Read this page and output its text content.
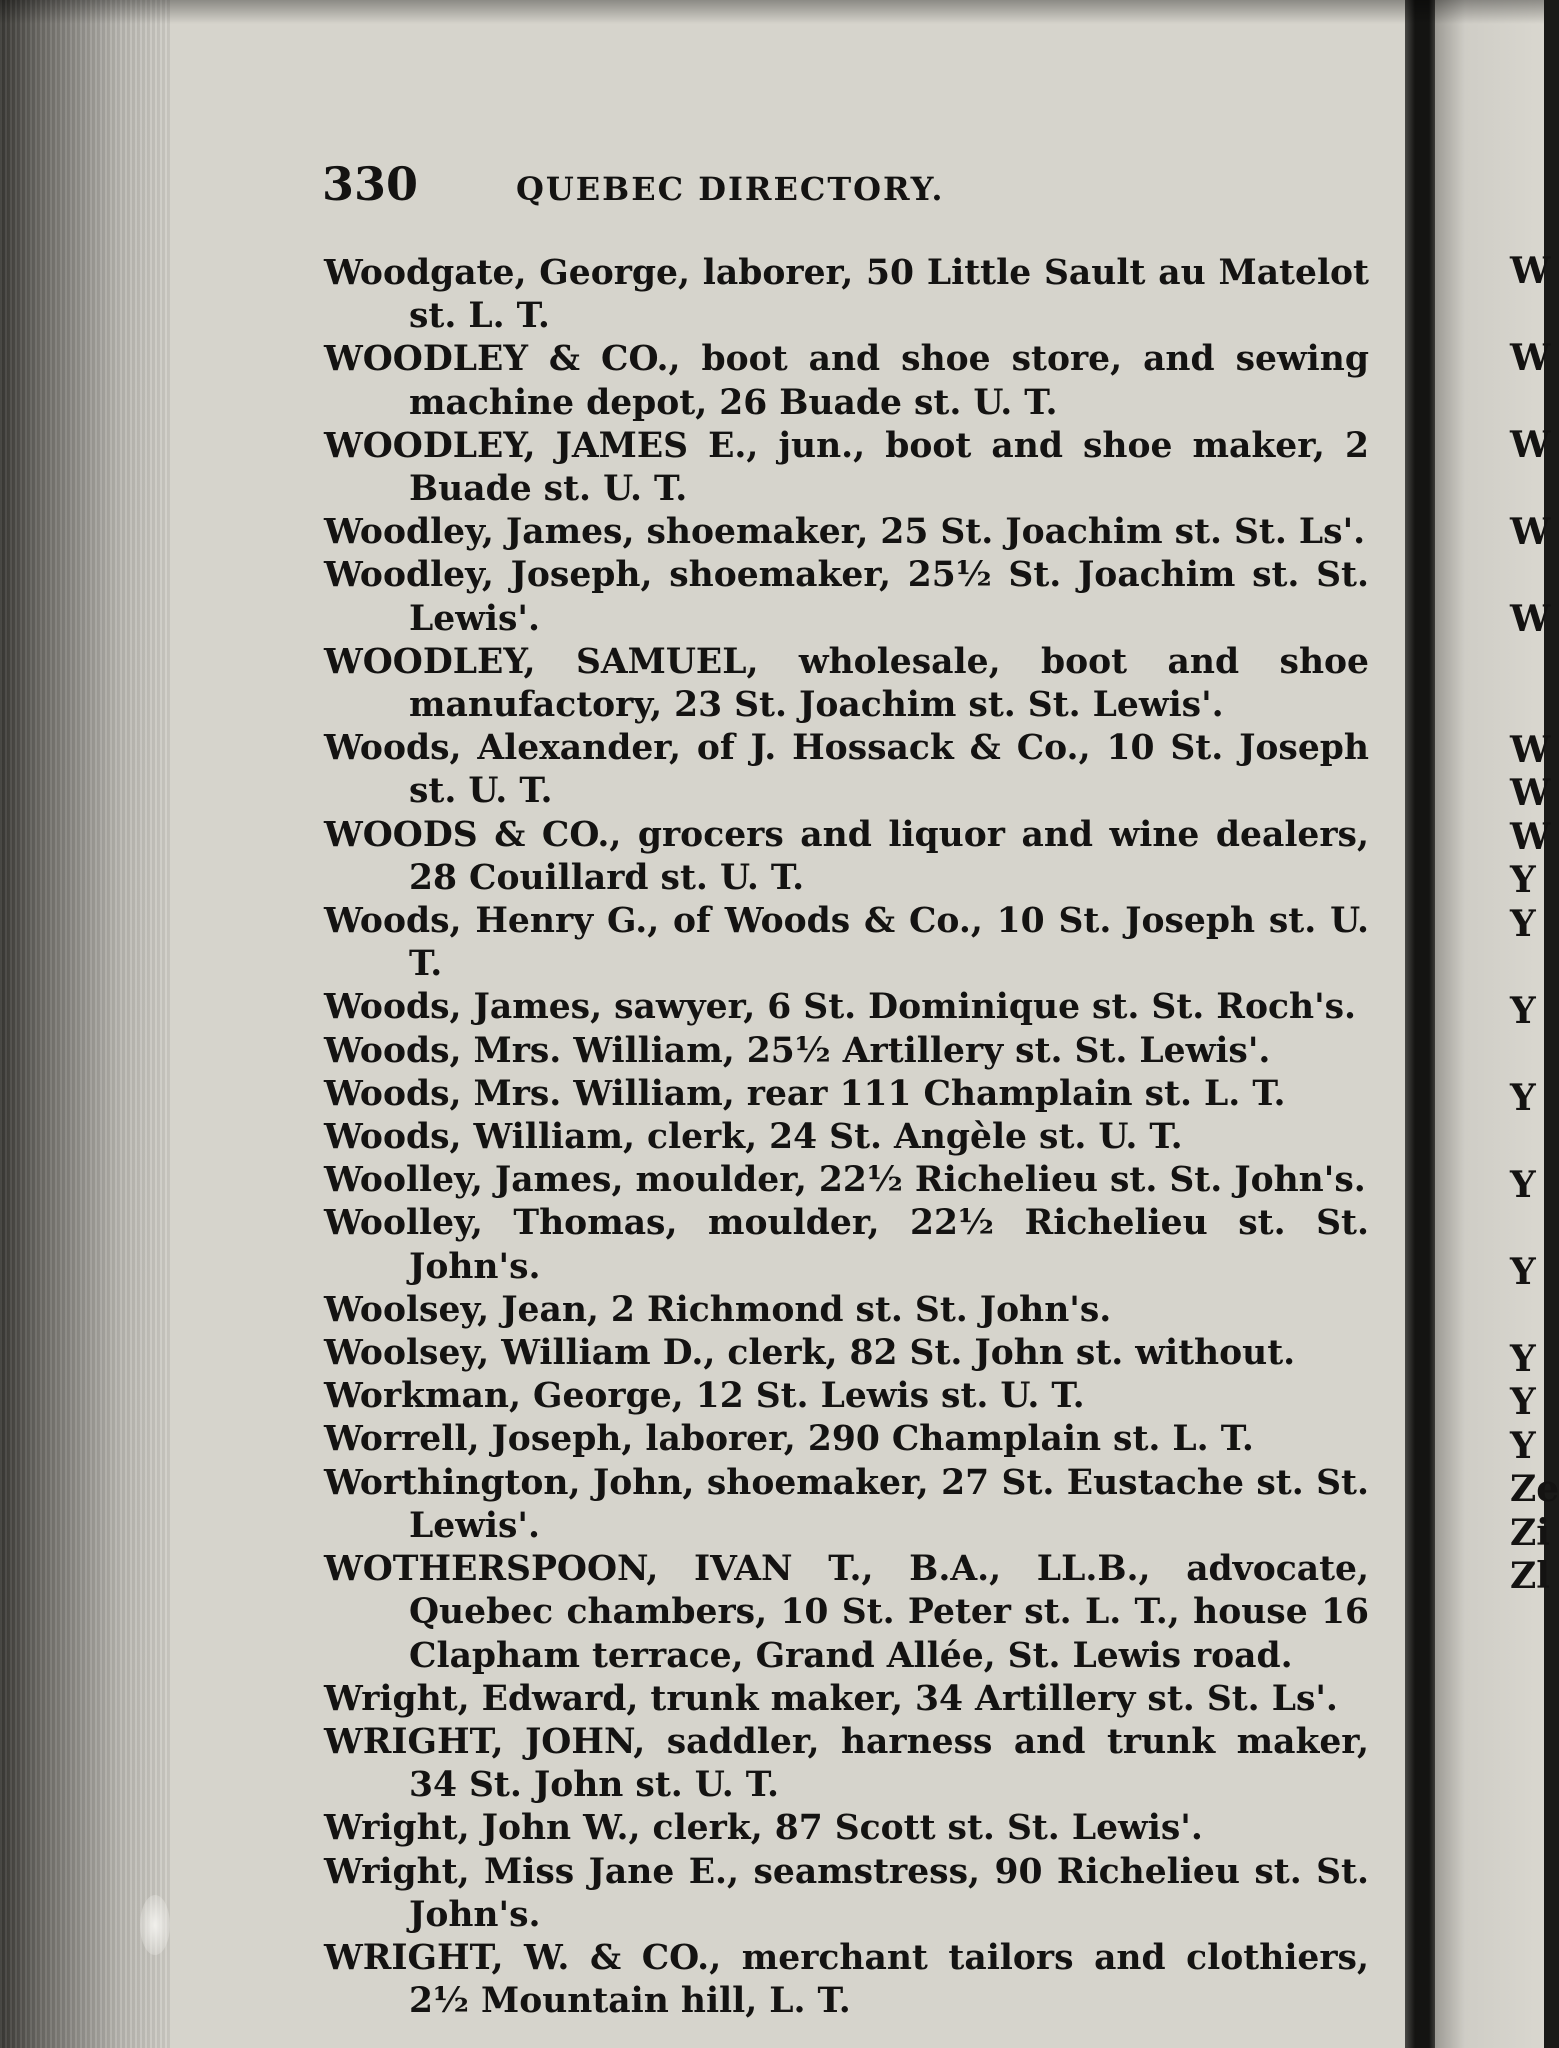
330	QUEBEC DIRECTORY.
Woodgate, George, laborer, 50 Little Sault au Matelot st. L. T.
WOODLEY & CO., boot and shoe store, and sewing machine depot, 26 Buade st. U. T.
WOODLEY, JAMES E., jun., boot and shoe maker, 2 Buade st. U. T.
Woodley, James, shoemaker, 25 St. Joachim st. St. Ls'.
Woodley, Joseph, shoemaker, 25½ St. Joachim st. St. Lewis'.
WOODLEY, SAMUEL, wholesale, boot and shoe manufactory, 23 St. Joachim st. St. Lewis'.
Woods, Alexander, of J. Hossack & Co., 10 St. Joseph st. U. T.
WOODS & CO., grocers and liquor and wine dealers, 28 Couillard st. U. T.
Woods, Henry G., of Woods & Co., 10 St. Joseph st. U. T.
Woods, James, sawyer, 6 St. Dominique st. St. Roch's.
Woods, Mrs. William, 25½ Artillery st. St. Lewis'.
Woods, Mrs. William, rear 111 Champlain st. L. T.
Woods, William, clerk, 24 St. Angèle st. U. T.
Woolley, James, moulder, 22½ Richelieu st. St. John's.
Woolley, Thomas, moulder, 22½ Richelieu st. St. John's.
Woolsey, Jean, 2 Richmond st. St. John's.
Woolsey, William D., clerk, 82 St. John st. without.
Workman, George, 12 St. Lewis st. U. T.
Worrell, Joseph, laborer, 290 Champlain st. L. T.
Worthington, John, shoemaker, 27 St. Eustache st. St. Lewis'.
WOTHERSPOON, IVAN T., B.A., LL.B., advocate, Quebec chambers, 10 St. Peter st. L. T., house 16 Clapham terrace, Grand Allée, St. Lewis road.
Wright, Edward, trunk maker, 34 Artillery st. St. Ls'.
WRIGHT, JOHN, saddler, harness and trunk maker, 34 St. John st. U. T.
Wright, John W., clerk, 87 Scott st. St. Lewis'.
Wright, Miss Jane E., seamstress, 90 Richelieu st. St. John's.
WRIGHT, W. & CO., merchant tailors and clothiers, 2½ Mountain hill, L. T.
W

W

W

W

W

W
W
W
Y
Y

Y

Y

Y

Y

Y
Y
Y
Ze
Zi
Zl
